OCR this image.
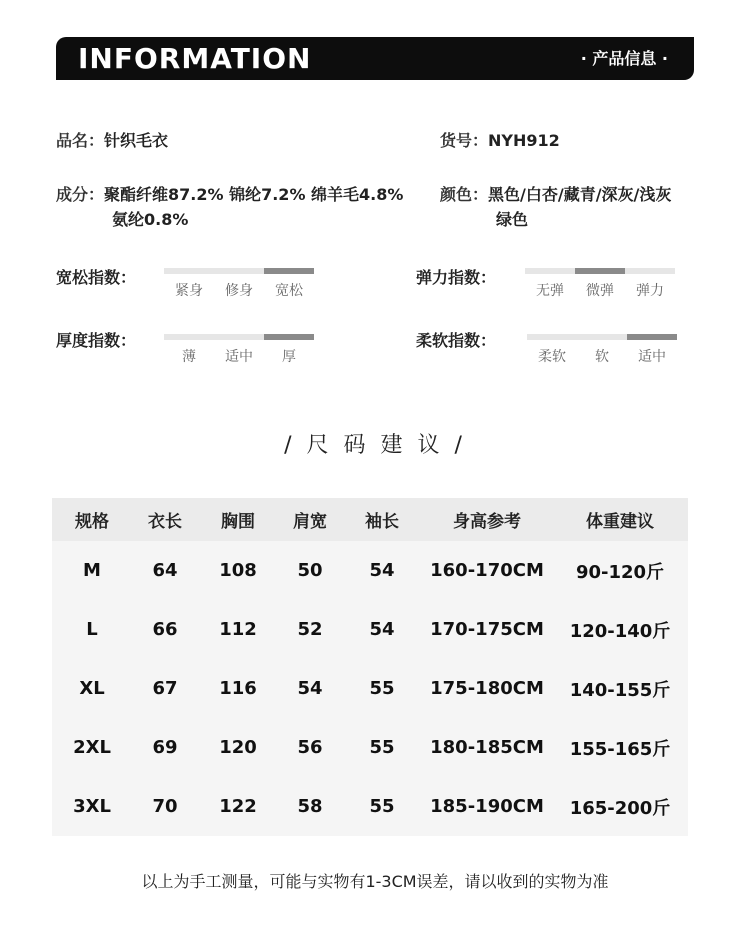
INFORMATION	· 产品信息 ·
品名：针织毛衣	货号：NYH912
成分：聚酯纤维87.2% 锦纶7.2% 绵羊毛4.8%
氨纶0.8%
颜色：黑色/白杏/藏青/深灰/浅灰
绿色
宽松指数：
紧身	修身	宽松
弹力指数：
无弹	微弹	弹力
厚度指数：
薄	适中	厚
柔软指数：
柔软	软	适中
/ 尺 码 建 议 /
规格	衣长	胸围	肩宽	袖长	身高参考	体重建议
M	64	108	50	54	160-170CM	90-120斤
L	66	112	52	54	170-175CM	120-140斤
XL	67	116	54	55	175-180CM	140-155斤
2XL	69	120	56	55	180-185CM	155-165斤
3XL	70	122	58	55	185-190CM	165-200斤
以上为手工测量，可能与实物有1-3CM误差，请以收到的实物为准
